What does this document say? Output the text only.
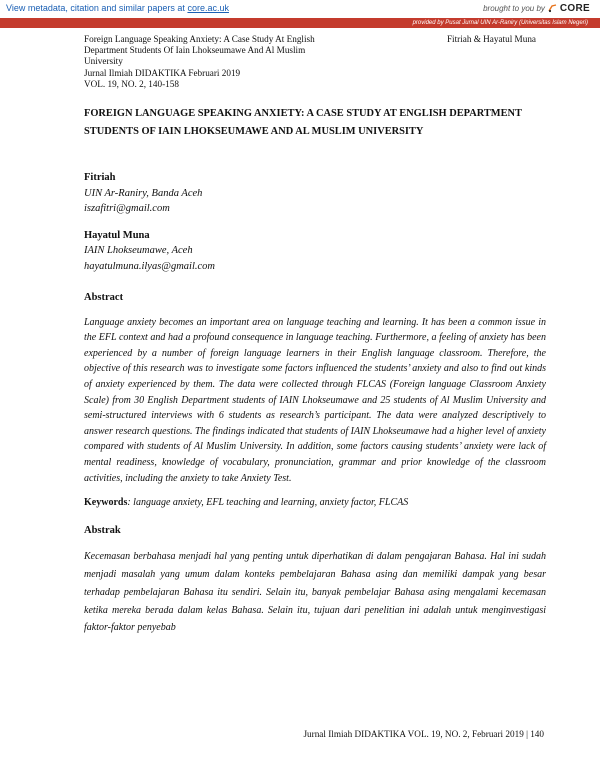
View metadata, citation and similar papers at core.ac.uk	brought to you by CORE
provided by Pusat Jurnal UIN Ar-Raniry (Universitas Islam Negeri)
Foreign Language Speaking Anxiety: A Case Study At English
Department Students Of Iain Lhokseumawe And Al Muslim
University
Jurnal Ilmiah DIDAKTIKA Februari 2019
VOL. 19, NO. 2, 140-158
Fitriah & Hayatul Muna
FOREIGN LANGUAGE SPEAKING ANXIETY: A CASE STUDY AT ENGLISH DEPARTMENT STUDENTS OF IAIN LHOKSEUMAWE AND AL MUSLIM UNIVERSITY
Fitriah
UIN Ar-Raniry, Banda Aceh
iszafitri@gmail.com
Hayatul Muna
IAIN Lhokseumawe, Aceh
hayatulmuna.ilyas@gmail.com
Abstract
Language anxiety becomes an important area on language teaching and learning. It has been a common issue in the EFL context and had a profound consequence in language teaching. Furthermore, a feeling of anxiety has been experienced by a number of foreign language learners in their English language classroom. Therefore, the objective of this research was to investigate some factors influenced the students’ anxiety and also to find out kinds of anxiety experienced by them. The data were collected through FLCAS (Foreign language Classroom Anxiety Scale) from 30 English Department students of IAIN Lhokseumawe and 25 students of Al Muslim University and semi-structured interviews with 6 students as research’s participant. The data were analyzed descriptively to answer research questions. The findings indicated that students of IAIN Lhokseumawe had a higher level of anxiety compared with students of Al Muslim University. In addition, some factors causing students’ anxiety were lack of mental readiness, knowledge of vocabulary, pronunciation, grammar and prior knowledge of the classroom activities, including the anxiety to take Anxiety Test.
Keywords: language anxiety, EFL teaching and learning, anxiety factor, FLCAS
Abstrak
Kecemasan berbahasa menjadi hal yang penting untuk diperhatikan di dalam pengajaran Bahasa. Hal ini sudah menjadi masalah yang umum dalam konteks pembelajaran Bahasa asing dan memiliki dampak yang besar terhadap pembelajaran Bahasa itu sendiri. Selain itu, banyak pembelajar Bahasa asing mengalami kecemasan ketika mereka berada dalam kelas Bahasa. Selain itu, tujuan dari penelitian ini adalah untuk menginvestigasi faktor-faktor penyebab
Jurnal Ilmiah DIDAKTIKA VOL. 19, NO. 2, Februari 2019 | 140
